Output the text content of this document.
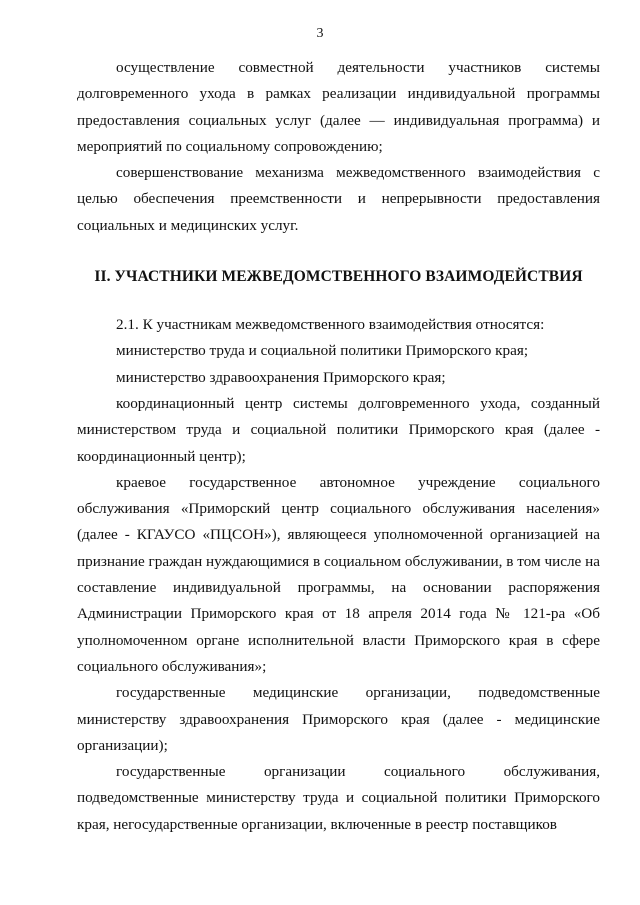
3

осуществление совместной деятельности участников системы долговременного ухода в рамках реализации индивидуальной программы предоставления социальных услуг (далее — индивидуальная программа) и мероприятий по социальному сопровождению;

совершенствование механизма межведомственного взаимодействия с целью обеспечения преемственности и непрерывности предоставления социальных и медицинских услуг.

II. УЧАСТНИКИ МЕЖВЕДОМСТВЕННОГО ВЗАИМОДЕЙСТВИЯ

2.1. К участникам межведомственного взаимодействия относятся:

министерство труда и социальной политики Приморского края;

министерство здравоохранения Приморского края;

координационный центр системы долговременного ухода, созданный министерством труда и социальной политики Приморского края (далее - координационный центр);

краевое государственное автономное учреждение социального обслуживания «Приморский центр социального обслуживания населения» (далее - КГАУСО «ПЦСОН»), являющееся уполномоченной организацией на признание граждан нуждающимися в социальном обслуживании, в том числе на составление индивидуальной программы, на основании распоряжения Администрации Приморского края от 18 апреля 2014 года № 121-ра «Об уполномоченном органе исполнительной власти Приморского края в сфере социального обслуживания»;

государственные медицинские организации, подведомственные министерству здравоохранения Приморского края (далее - медицинские организации);

государственные организации социального обслуживания, подведомственные министерству труда и социальной политики Приморского края, негосударственные организации, включенные в реестр поставщиков
